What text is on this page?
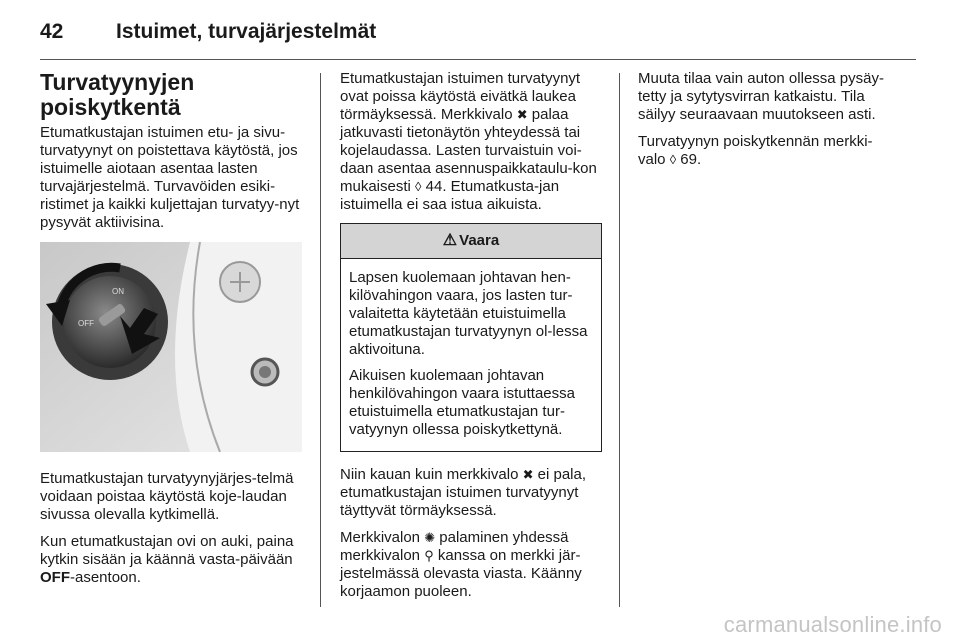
42	Istuimet, turvajärjestelmät
Turvatyynyjen
poiskytkentä

Etumatkustajan istuimen etu- ja sivu-turvatyynyt on poistettava käytöstä, jos istuimelle aiotaan asentaa lasten turvajärjestelmä. Turvavöiden esiki-ristimet ja kaikki kuljettajan turvatyy-nyt pysyvät aktiivisina.

ON
OFF

Etumatkustajan turvatyynyjärjes-telmä voidaan poistaa käytöstä koje-laudan sivussa olevalla kytkimellä.

Kun etumatkustajan ovi on auki, paina kytkin sisään ja käännä vasta-päivään OFF-asentoon.

Etumatkustajan istuimen turvatyynyt ovat poissa käytöstä eivätkä laukea törmäyksessä. Merkkivalo ✖ palaa jatkuvasti tietonäytön yhteydessä tai kojelaudassa. Lasten turvaistuin voi-daan asentaa asennuspaikkataulu-kon mukaisesti ◊ 44. Etumatkusta-jan istuimella ei saa istua aikuista.

⚠ Vaara

Lapsen kuolemaan johtavan hen-kilövahingon vaara, jos lasten tur-valaitetta käytetään etuistuimella etumatkustajan turvatyynyn ol-lessa aktivoituna.

Aikuisen kuolemaan johtavan henkilövahingon vaara istuttaessa etuistuimella etumatkustajan tur-vatyynyn ollessa poiskytkettynä.

Niin kauan kuin merkkivalo ✖ ei pala, etumatkustajan istuimen turvatyynyt täyttyvät törmäyksessä.

Merkkivalon ✺ palaminen yhdessä merkkivalon ⚲ kanssa on merkki jär-jestelmässä olevasta viasta. Käänny korjaamon puoleen.

Muuta tilaa vain auton ollessa pysäy-tetty ja sytytysvirran katkaistu. Tila säilyy seuraavaan muutokseen asti.

Turvatyynyn poiskytkennän merkki-valo ◊ 69.

carmanualsonline.info
